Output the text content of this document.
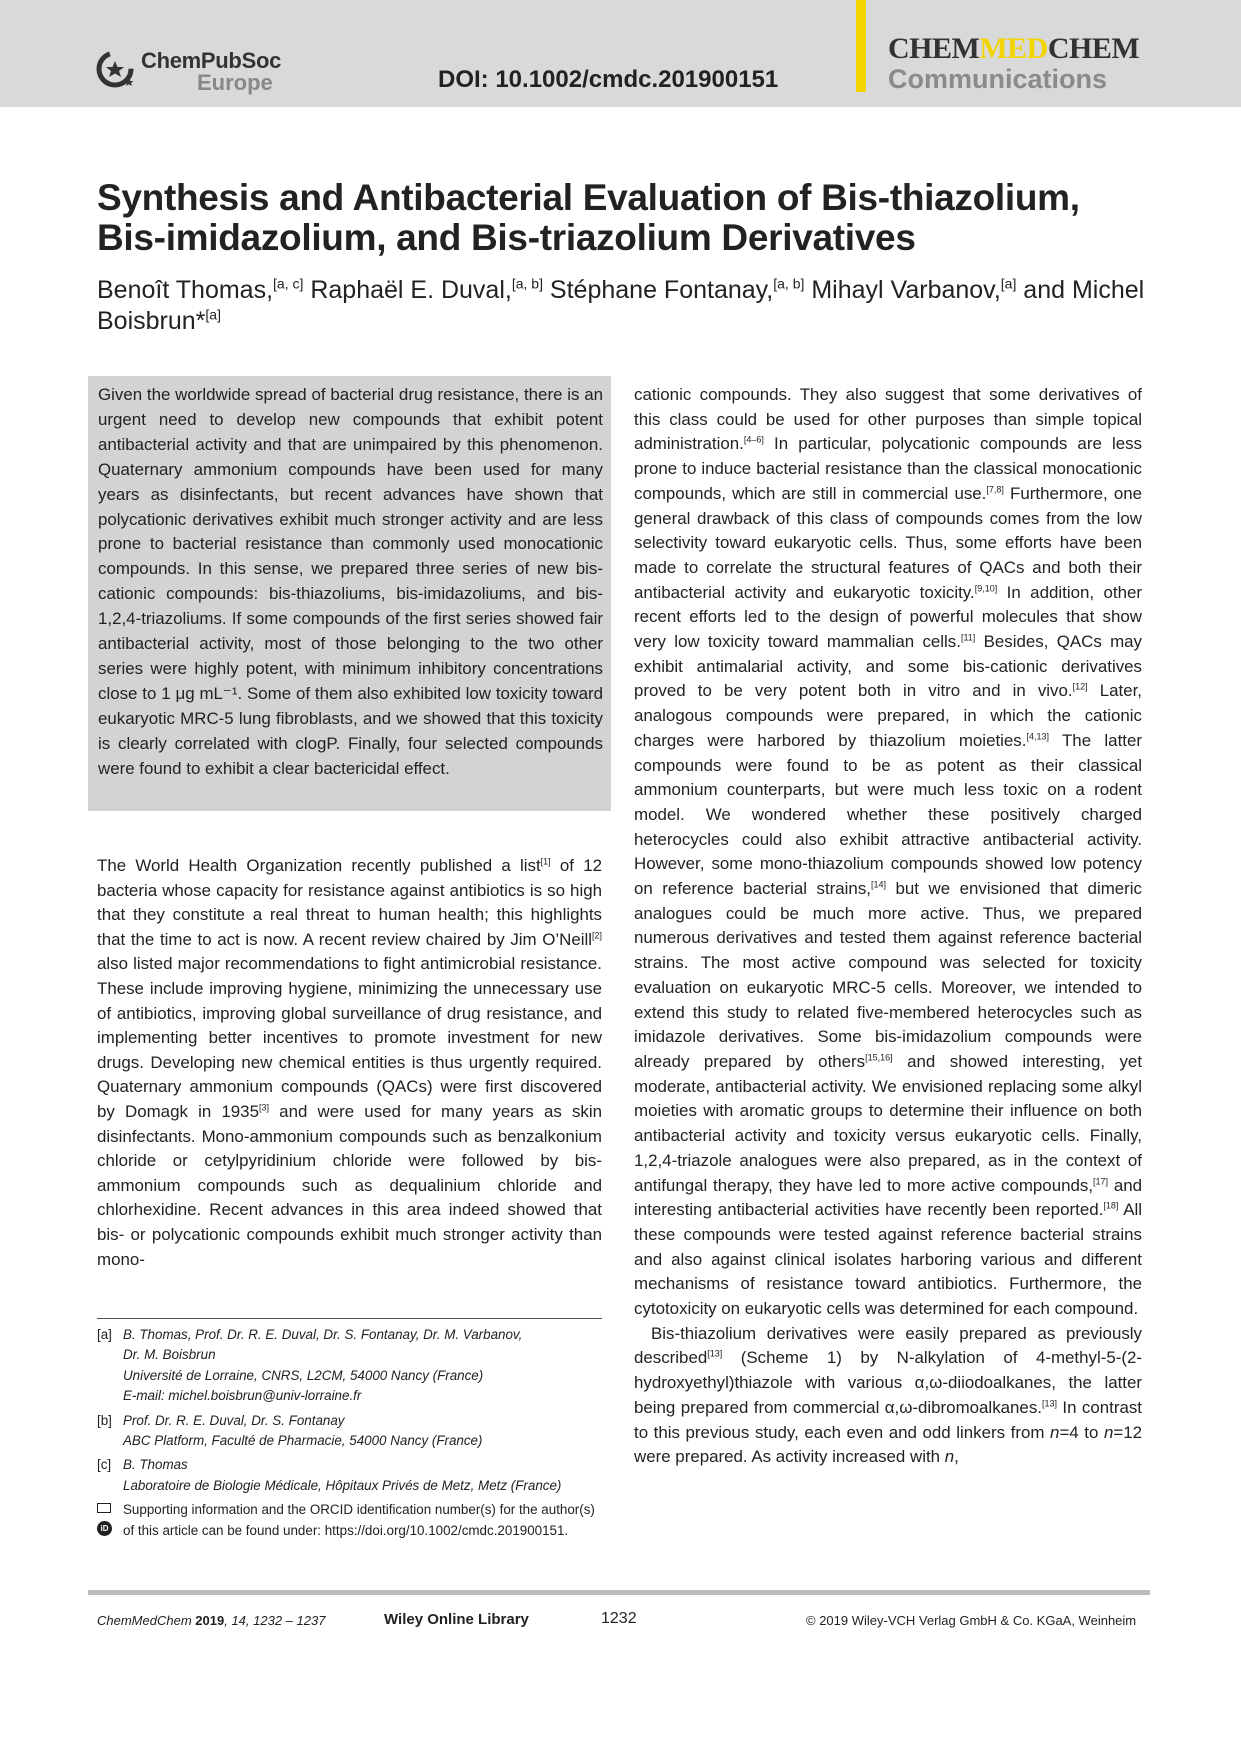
ChemPubSoc
Europe	DOI: 10.1002/cmdc.201900151
CHEMMEDCHEM
Communications
Synthesis and Antibacterial Evaluation of Bis-thiazolium, Bis-imidazolium, and Bis-triazolium Derivatives
Benoît Thomas,[a, c] Raphaël E. Duval,[a, b] Stéphane Fontanay,[a, b] Mihayl Varbanov,[a] and Michel Boisbrun*[a]
Given the worldwide spread of bacterial drug resistance, there is an urgent need to develop new compounds that exhibit potent antibacterial activity and that are unimpaired by this phenomenon. Quaternary ammonium compounds have been used for many years as disinfectants, but recent advances have shown that polycationic derivatives exhibit much stronger activity and are less prone to bacterial resistance than commonly used monocationic compounds. In this sense, we prepared three series of new bis-cationic compounds: bis-thiazoliums, bis-imidazoliums, and bis-1,2,4-triazoliums. If some compounds of the first series showed fair antibacterial activity, most of those belonging to the two other series were highly potent, with minimum inhibitory concentrations close to 1 μg mL⁻¹. Some of them also exhibited low toxicity toward eukaryotic MRC-5 lung fibroblasts, and we showed that this toxicity is clearly correlated with clogP. Finally, four selected compounds were found to exhibit a clear bactericidal effect.

The World Health Organization recently published a list[1] of 12 bacteria whose capacity for resistance against antibiotics is so high that they constitute a real threat to human health; this highlights that the time to act is now. A recent review chaired by Jim O’Neill[2] also listed major recommendations to fight antimicrobial resistance. These include improving hygiene, minimizing the unnecessary use of antibiotics, improving global surveillance of drug resistance, and implementing better incentives to promote investment for new drugs. Developing new chemical entities is thus urgently required. Quaternary ammonium compounds (QACs) were first discovered by Domagk in 1935[3] and were used for many years as skin disinfectants. Mono-ammonium compounds such as benzalkonium chloride or cetylpyridinium chloride were followed by bis-ammonium compounds such as dequalinium chloride and chlorhexidine. Recent advances in this area indeed showed that bis- or polycationic compounds exhibit much stronger activity than mono-

cationic compounds. They also suggest that some derivatives of this class could be used for other purposes than simple topical administration.[4–6] In particular, polycationic compounds are less prone to induce bacterial resistance than the classical monocationic compounds, which are still in commercial use.[7,8] Furthermore, one general drawback of this class of compounds comes from the low selectivity toward eukaryotic cells. Thus, some efforts have been made to correlate the structural features of QACs and both their antibacterial activity and eukaryotic toxicity.[9,10] In addition, other recent efforts led to the design of powerful molecules that show very low toxicity toward mammalian cells.[11] Besides, QACs may exhibit antimalarial activity, and some bis-cationic derivatives proved to be very potent both in vitro and in vivo.[12] Later, analogous compounds were prepared, in which the cationic charges were harbored by thiazolium moieties.[4,13] The latter compounds were found to be as potent as their classical ammonium counterparts, but were much less toxic on a rodent model. We wondered whether these positively charged heterocycles could also exhibit attractive antibacterial activity. However, some mono-thiazolium compounds showed low potency on reference bacterial strains,[14] but we envisioned that dimeric analogues could be much more active. Thus, we prepared numerous derivatives and tested them against reference bacterial strains. The most active compound was selected for toxicity evaluation on eukaryotic MRC-5 cells. Moreover, we intended to extend this study to related five-membered heterocycles such as imidazole derivatives. Some bis-imidazolium compounds were already prepared by others[15,16] and showed interesting, yet moderate, antibacterial activity. We envisioned replacing some alkyl moieties with aromatic groups to determine their influence on both antibacterial activity and toxicity versus eukaryotic cells. Finally, 1,2,4-triazole analogues were also prepared, as in the context of antifungal therapy, they have led to more active compounds,[17] and interesting antibacterial activities have recently been reported.[18] All these compounds were tested against reference bacterial strains and also against clinical isolates harboring various and different mechanisms of resistance toward antibiotics. Furthermore, the cytotoxicity on eukaryotic cells was determined for each compound.

Bis-thiazolium derivatives were easily prepared as previously described[13] (Scheme 1) by N-alkylation of 4-methyl-5-(2-hydroxyethyl)thiazole with various α,ω-diiodoalkanes, the latter being prepared from commercial α,ω-dibromoalkanes.[13] In contrast to this previous study, each even and odd linkers from n=4 to n=12 were prepared. As activity increased with n,

[a] B. Thomas, Prof. Dr. R. E. Duval, Dr. S. Fontanay, Dr. M. Varbanov,
Dr. M. Boisbrun
Université de Lorraine, CNRS, L2CM, 54000 Nancy (France)
E-mail: michel.boisbrun@univ-lorraine.fr
[b] Prof. Dr. R. E. Duval, Dr. S. Fontanay
ABC Platform, Faculté de Pharmacie, 54000 Nancy (France)
[c] B. Thomas
Laboratoire de Biologie Médicale, Hôpitaux Privés de Metz, Metz (France)
iD
Supporting information and the ORCID identification number(s) for the author(s) of this article can be found under: https://doi.org/10.1002/cmdc.201900151.
ChemMedChem 2019, 14, 1232 – 1237	Wiley Online Library	1232	© 2019 Wiley-VCH Verlag GmbH & Co. KGaA, Weinheim
